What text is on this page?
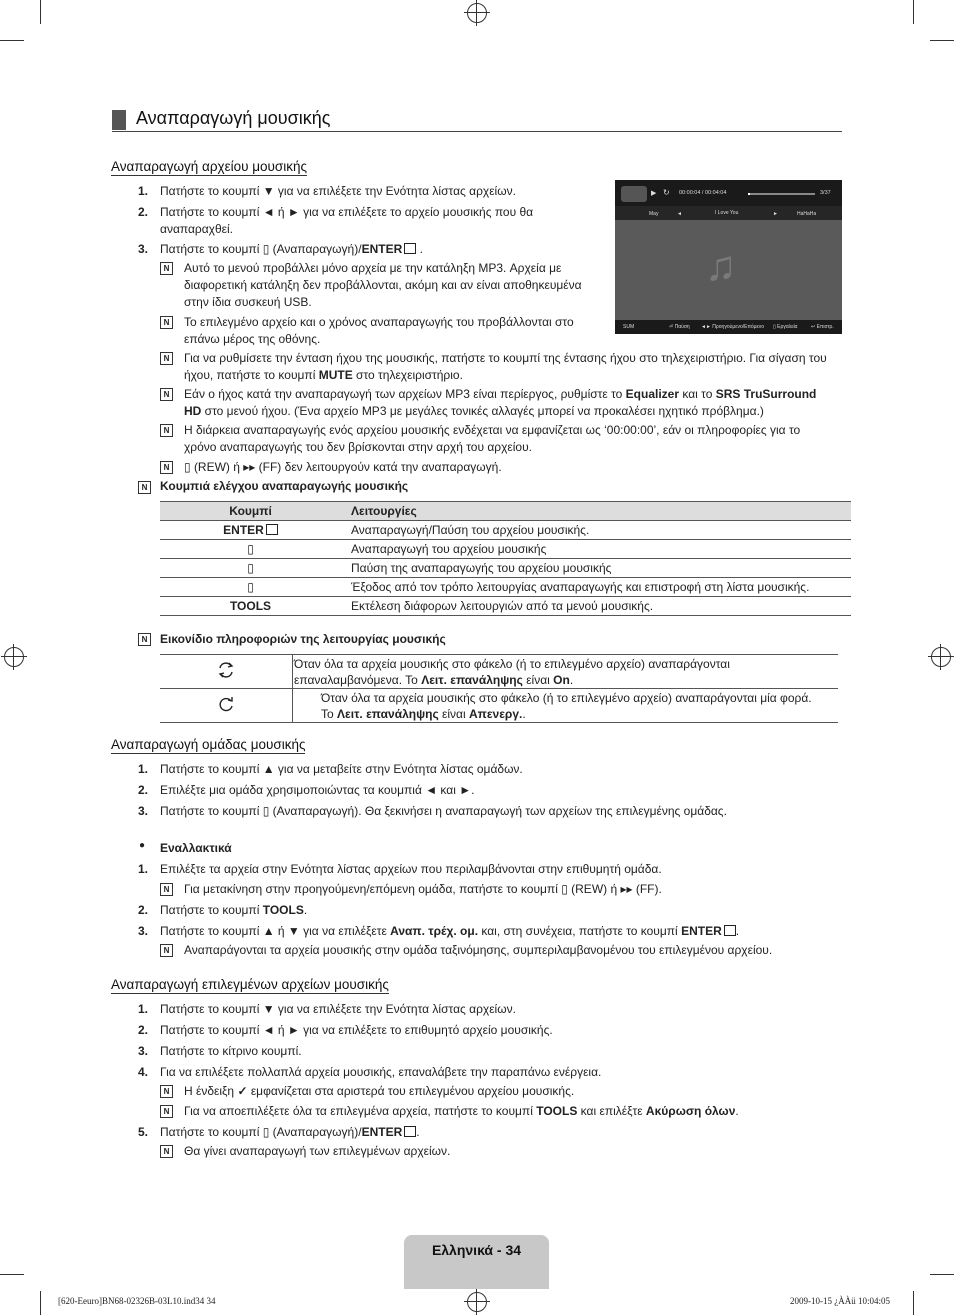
Αναπαραγωγή μουσικής
Αναπαραγωγή αρχείου μουσικής
1. Πατήστε το κουμπί ▼ για να επιλέξετε την Ενότητα λίστας αρχείων.
2. Πατήστε το κουμπί ◄ ή ► για να επιλέξετε το αρχείο μουσικής που θα
αναπαραχθεί.
3. Πατήστε το κουμπί ▯ (Αναπαραγωγή)/ENTER .
N	Αυτό το μενού προβάλλει μόνο αρχεία με την κατάληξη MP3. Αρχεία με
διαφορετική κατάληξη δεν προβάλλονται, ακόμη και αν είναι αποθηκευμένα
στην ίδια συσκευή USB.
N	Το επιλεγμένο αρχείο και ο χρόνος αναπαραγωγής του προβάλλονται στο
επάνω μέρος της οθόνης.
N	Για να ρυθμίσετε την ένταση ήχου της μουσικής, πατήστε το κουμπί της έντασης ήχου στο τηλεχειριστήριο. Για σίγαση του
ήχου, πατήστε το κουμπί MUTE στο τηλεχειριστήριο.
N	Εάν ο ήχος κατά την αναπαραγωγή των αρχείων MP3 είναι περίεργος, ρυθμίστε το Equalizer και το SRS TruSurround
HD στο μενού ήχου. (Ένα αρχείο MP3 με μεγάλες τονικές αλλαγές μπορεί να προκαλέσει ηχητικό πρόβλημα.)
N	Η διάρκεια αναπαραγωγής ενός αρχείου μουσικής ενδέχεται να εμφανίζεται ως ‘00:00:00’, εάν οι πληροφορίες για το
χρόνο αναπαραγωγής του δεν βρίσκονται στην αρχή του αρχείου.
N	▯ (REW) ή ▸▸ (FF) δεν λειτουργούν κατά την αναπαραγωγή.
N	Κουμπιά ελέγχου αναπαραγωγής μουσικής
Κουμπί	Λειτουργίες
ENTER	Αναπαραγωγή/Παύση του αρχείου μουσικής.
▯	Αναπαραγωγή του αρχείου μουσικής
▯	Παύση της αναπαραγωγής του αρχείου μουσικής
▯	Έξοδος από τον τρόπο λειτουργίας αναπαραγωγής και επιστροφή στη λίστα μουσικής.
TOOLS	Εκτέλεση διάφορων λειτουργιών από τα μενού μουσικής.
N	Εικονίδιο πληροφοριών της λειτουργίας μουσικής
	Όταν όλα τα αρχεία μουσικής στο φάκελο (ή το επιλεγμένο αρχείο) αναπαράγονται
επαναλαμβανόμενα. Το Λειτ. επανάληψης είναι On.
	Όταν όλα τα αρχεία μουσικής στο φάκελο (ή το επιλεγμένο αρχείο) αναπαράγονται μία φορά.
Το Λειτ. επανάληψης είναι Απενεργ..
▶ ↻ 00:00:04 / 00:04:04	3/37
May	◄	I Love You	►	HaHaHa
♫
SUM	⏎ Παύση ◄► Προηγούμενο/Επόμενο ▯ Εργαλεία	↩ Επιστρ.
Αναπαραγωγή ομάδας μουσικής
1. Πατήστε το κουμπί ▲ για να μεταβείτε στην Ενότητα λίστας ομάδων.
2. Επιλέξτε μια ομάδα χρησιμοποιώντας τα κουμπιά ◄ και ►.
3. Πατήστε το κουμπί ▯ (Αναπαραγωγή). Θα ξεκινήσει η αναπαραγωγή των αρχείων της επιλεγμένης ομάδας.
● Εναλλακτικά
1. Επιλέξτε τα αρχεία στην Ενότητα λίστας αρχείων που περιλαμβάνονται στην επιθυμητή ομάδα.
N	Για μετακίνηση στην προηγούμενη/επόμενη ομάδα, πατήστε το κουμπί ▯ (REW) ή ▸▸ (FF).
2. Πατήστε το κουμπί TOOLS.
3. Πατήστε το κουμπί ▲ ή ▼ για να επιλέξετε Αναπ. τρέχ. ομ. και, στη συνέχεια, πατήστε το κουμπί ENTER .
N	Αναπαράγονται τα αρχεία μουσικής στην ομάδα ταξινόμησης, συμπεριλαμβανομένου του επιλεγμένου αρχείου.
Αναπαραγωγή επιλεγμένων αρχείων μουσικής
1. Πατήστε το κουμπί ▼ για να επιλέξετε την Ενότητα λίστας αρχείων.
2. Πατήστε το κουμπί ◄ ή ► για να επιλέξετε το επιθυμητό αρχείο μουσικής.
3. Πατήστε το κίτρινο κουμπί.
4. Για να επιλέξετε πολλαπλά αρχεία μουσικής, επαναλάβετε την παραπάνω ενέργεια.
N	Η ένδειξη ✓ εμφανίζεται στα αριστερά του επιλεγμένου αρχείου μουσικής.
N	Για να αποεπιλέξετε όλα τα επιλεγμένα αρχεία, πατήστε το κουμπί TOOLS και επιλέξτε Ακύρωση όλων.
5. Πατήστε το κουμπί ▯ (Αναπαραγωγή)/ENTER .
N	Θα γίνει αναπαραγωγή των επιλεγμένων αρχείων.
Ελληνικά - 34
[620-Eeuro]BN68-02326B-03L10.ind34 34	2009-10-15 ¿ÀÀü 10:04:05
